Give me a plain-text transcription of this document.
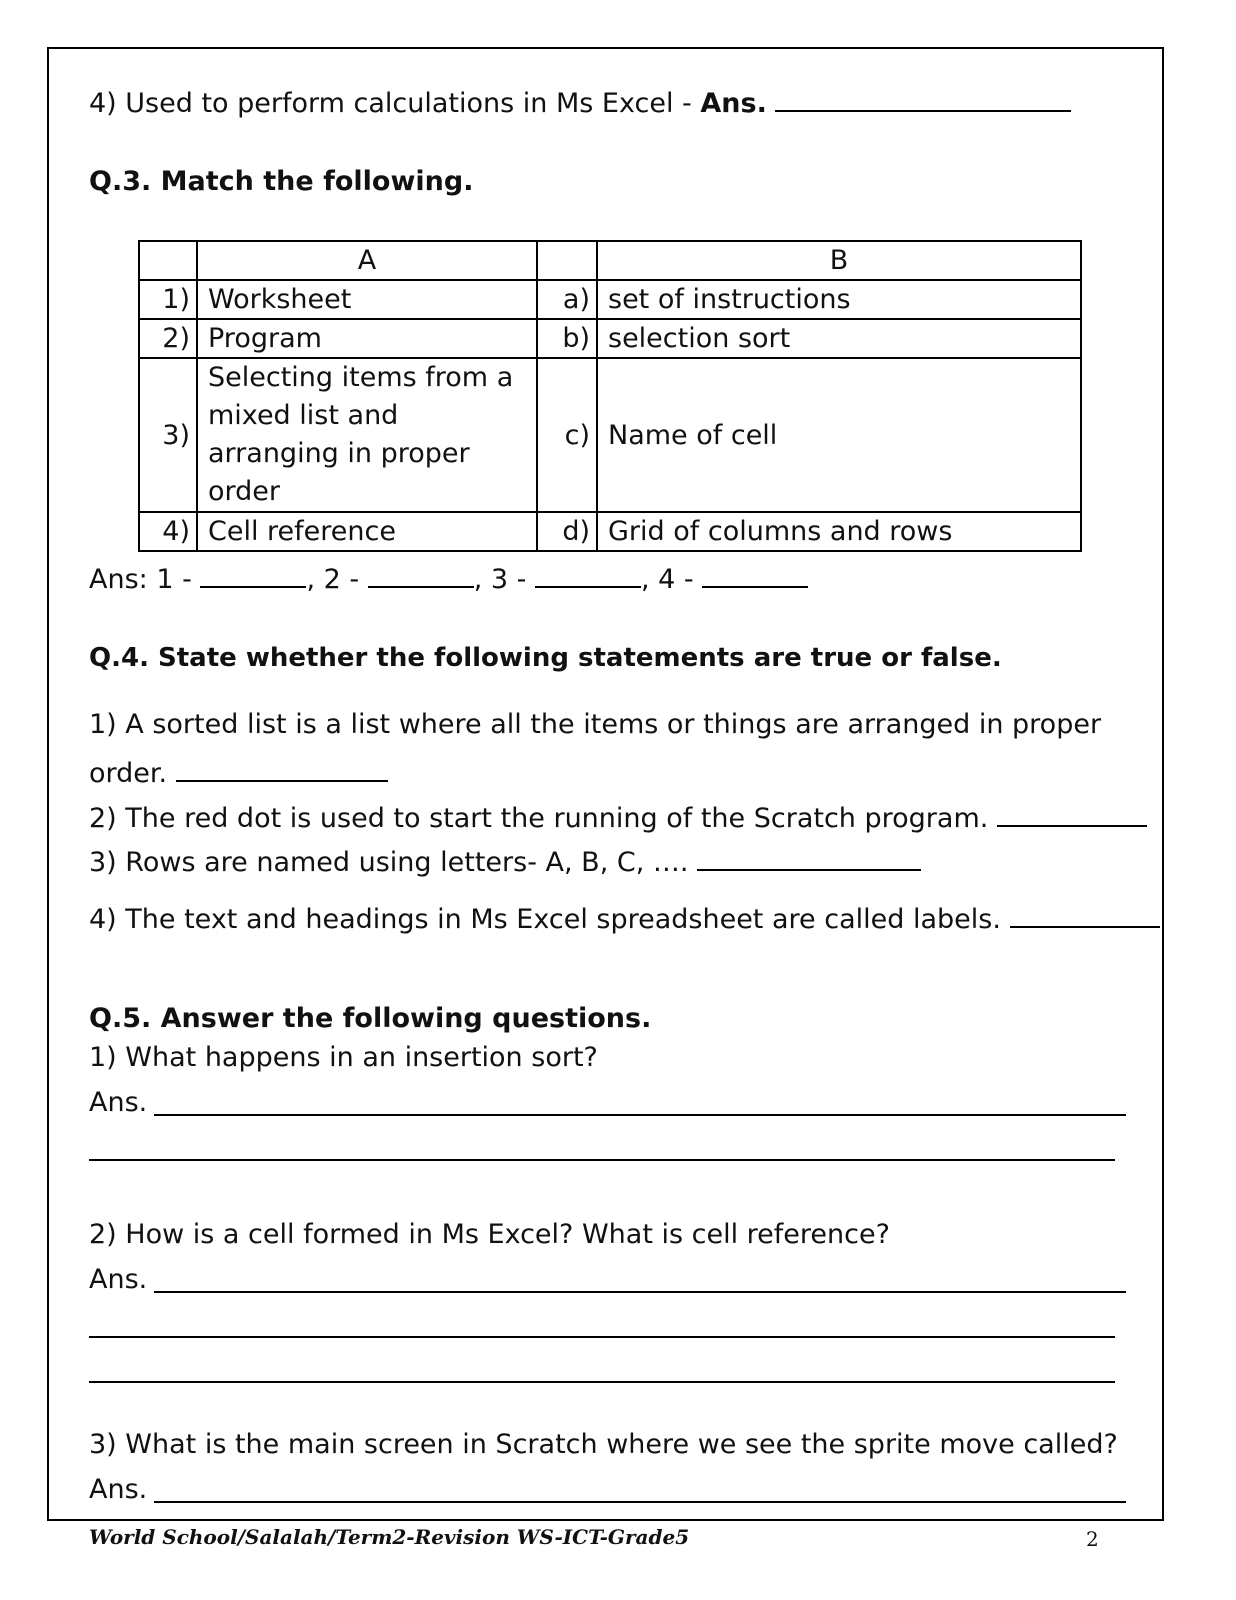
4) Used to perform calculations in Ms Excel - Ans.
Q.3. Match the following.
	A		B
1)	Worksheet	a)	set of instructions
2)	Program	b)	selection sort
3)	Selecting items from a mixed list and arranging in proper order	c)	Name of cell
4)	Cell reference	d)	Grid of columns and rows
Ans: 1 -	, 2 -	, 3 -	, 4 -
Q.4. State whether the following statements are true or false.
1) A sorted list is a list where all the items or things are arranged in proper
order.
2) The red dot is used to start the running of the Scratch program.
3) Rows are named using letters- A, B, C, ….
4) The text and headings in Ms Excel spreadsheet are called labels.
Q.5. Answer the following questions.
1) What happens in an insertion sort?
Ans.
2) How is a cell formed in Ms Excel? What is cell reference?
Ans.
3) What is the main screen in Scratch where we see the sprite move called?
Ans.
World School/Salalah/Term2-Revision WS-ICT-Grade5	2
